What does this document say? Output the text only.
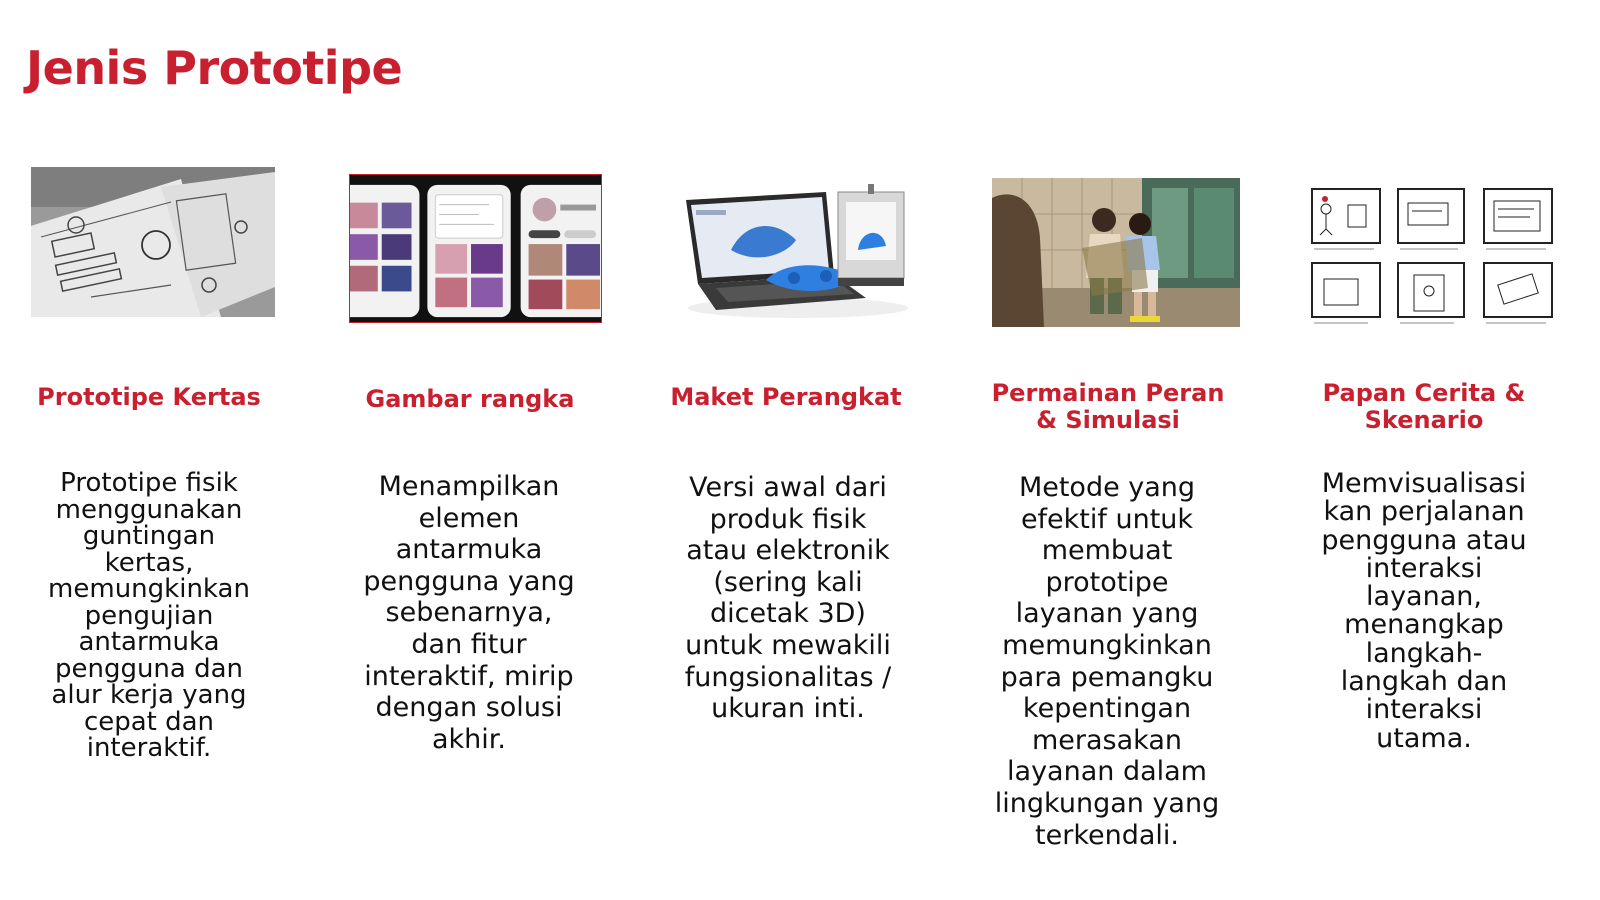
Jenis Prototipe

Prototipe Kertas

Prototipe fisik menggunakan guntingan kertas, memungkinkan pengujian antarmuka pengguna dan alur kerja yang cepat dan interaktif.

Gambar rangka

Menampilkan elemen antarmuka pengguna yang sebenarnya, dan fitur interaktif, mirip dengan solusi akhir.

Maket Perangkat

Versi awal dari produk fisik atau elektronik (sering kali dicetak 3D) untuk mewakili fungsionalitas / ukuran inti.

Permainan Peran & Simulasi

Metode yang efektif untuk membuat prototipe layanan yang memungkinkan para pemangku kepentingan merasakan layanan dalam lingkungan yang terkendali.

Papan Cerita & Skenario

Memvisualisasikan perjalanan pengguna atau interaksi layanan, menangkap langkah-langkah dan interaksi utama.
